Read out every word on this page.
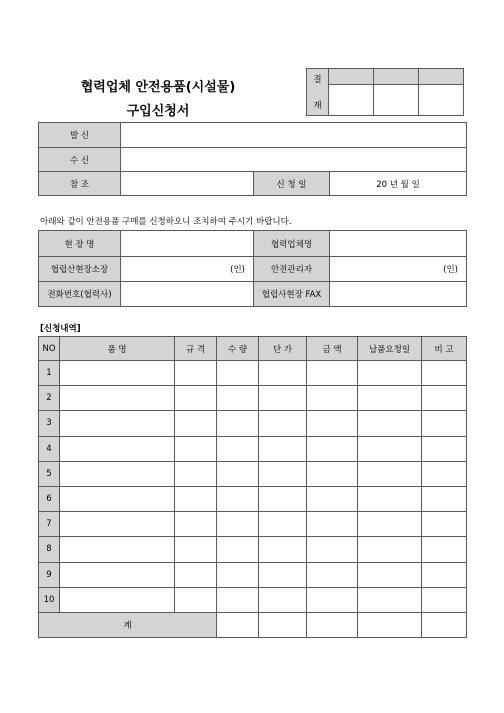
협력업체 안전용품(시설물)
구입신청서
결
재			

발 신			
수 신			
참 조		신 청 일	20 년 월 일
아래와 같이 안전용품 구매를 신청하오니 조치하여 주시기 바랍니다.
현 장 명		협력업체명	
협럽산현장소장	(인)	안전관리자	(인)
전화번호(협력사)		협럽사현장 FAX	
[신청내역]
NO	품 명	규 격	수 량	단 가	금 액	납품요청일	비 고
1							
2							
3							
4							
5							
6							
7							
8							
9							
10							
계							
